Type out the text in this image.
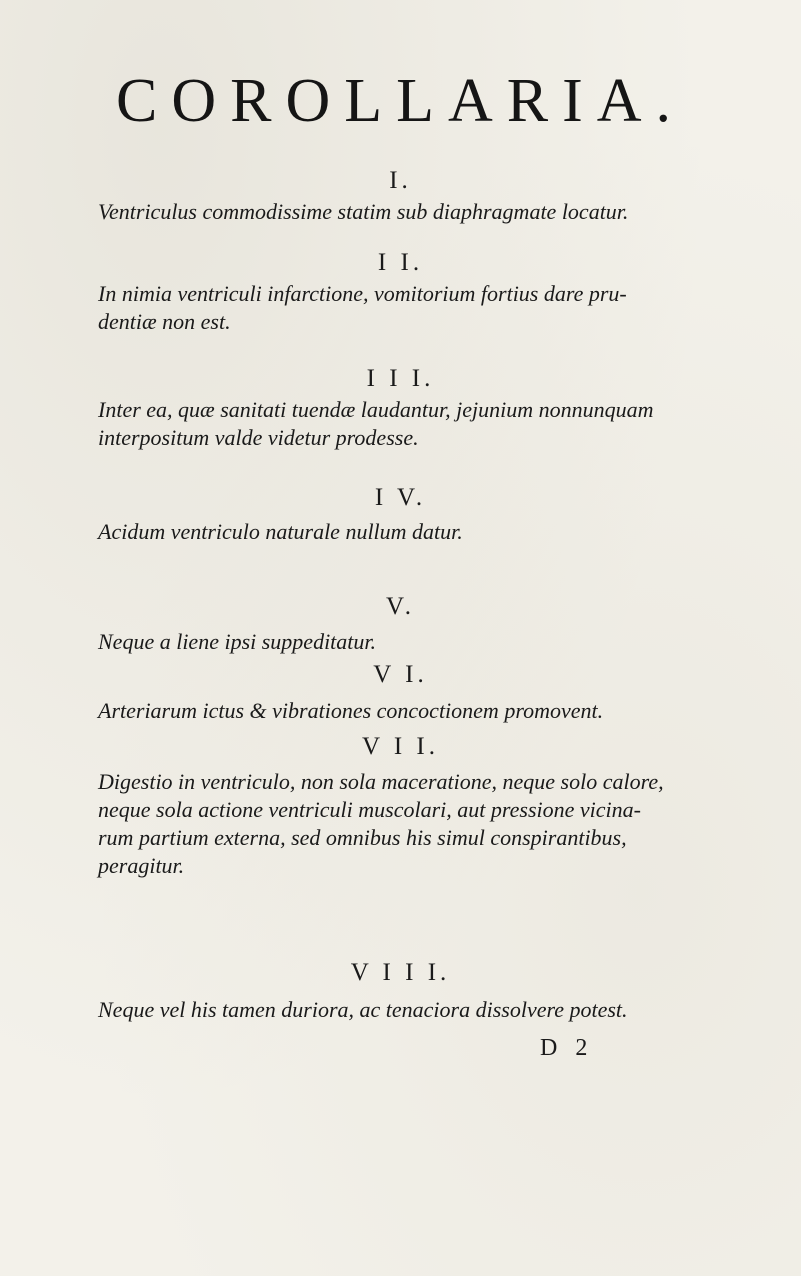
COROLLARIA.
I.
Ventriculus commodissime statim sub diaphragmate locatur.
I I.
In nimia ventriculi infarctione, vomitorium fortius dare pru-
dentiæ non est.
I I I.
Inter ea, quæ sanitati tuendæ laudantur, jejunium nonnunquam
interpositum valde videtur prodesse.
I V.
Acidum ventriculo naturale nullum datur.
V.
Neque a liene ipsi suppeditatur.
V I.
Arteriarum ictus & vibrationes concoctionem promovent.
V I I.
Digestio in ventriculo, non sola maceratione, neque solo calore,
neque sola actione ventriculi muscolari, aut pressione vicina-
rum partium externa, sed omnibus his simul conspirantibus,
peragitur.
V I I I.
Neque vel his tamen duriora, ac tenaciora dissolvere potest.
D 2
